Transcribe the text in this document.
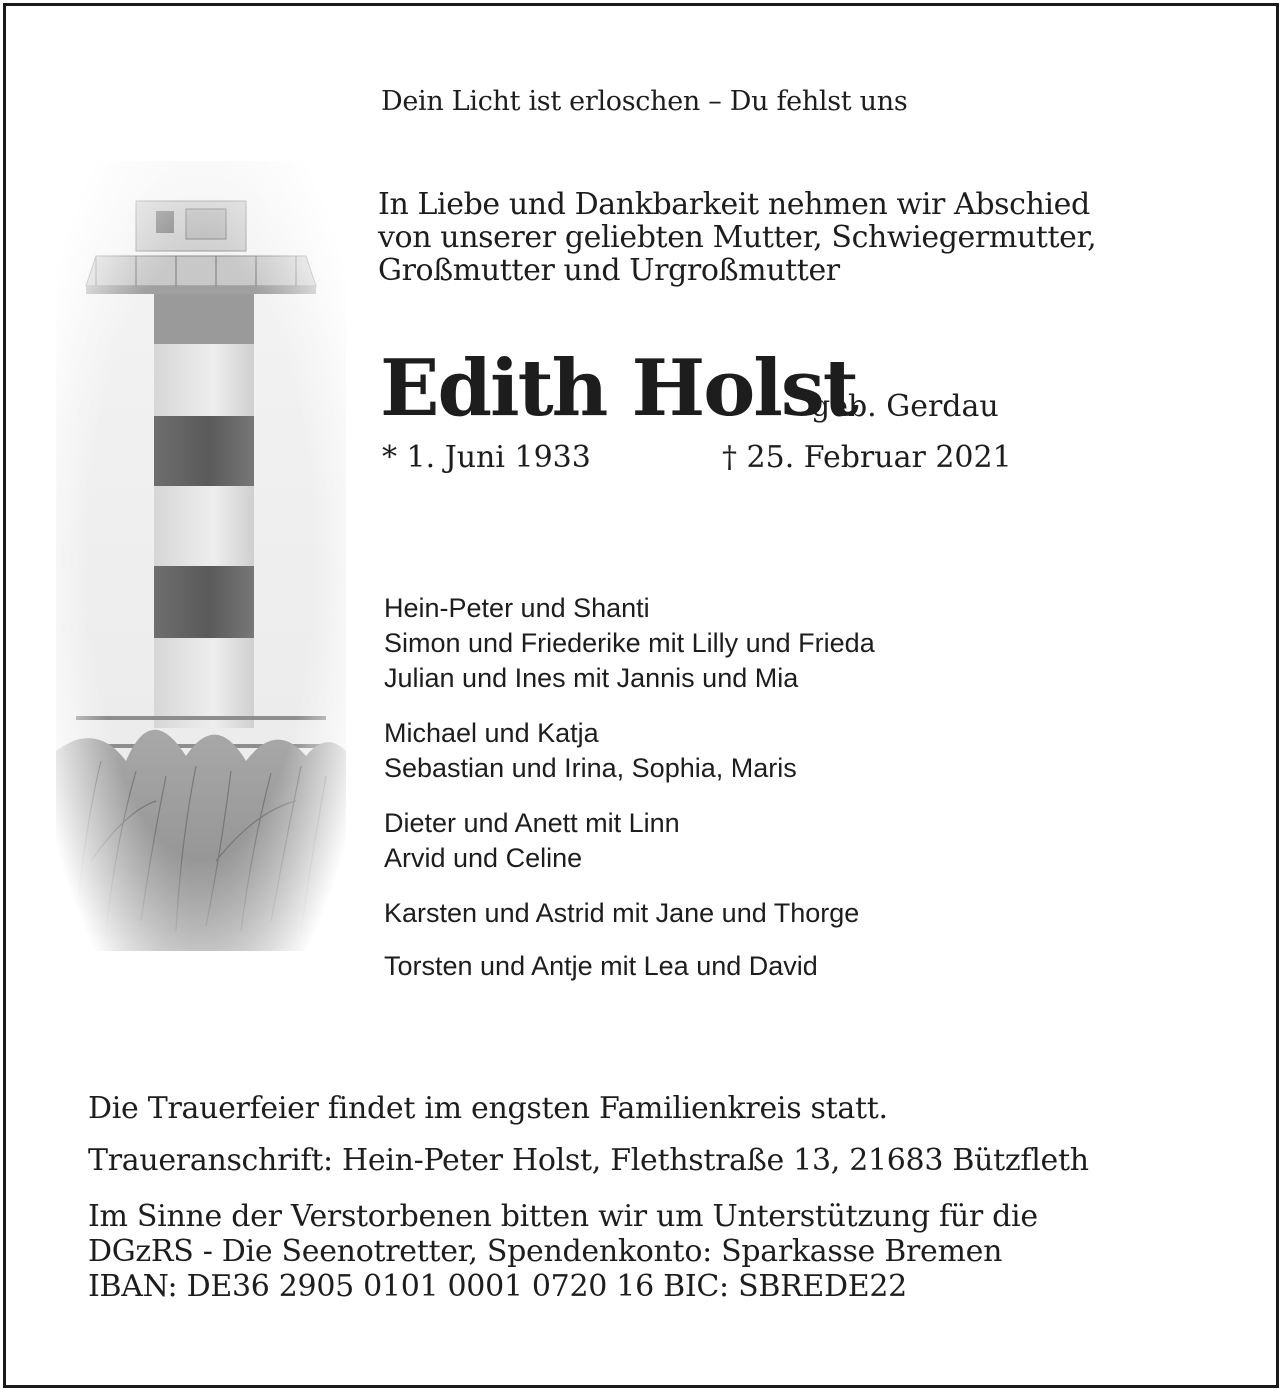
Dein Licht ist erloschen – Du fehlst uns

In Liebe und Dankbarkeit nehmen wir Abschied
von unserer geliebten Mutter, Schwiegermutter,
Großmutter und Urgroßmutter

Edith Holst

geb. Gerdau

* 1. Juni 1933	† 25. Februar 2021

Hein-Peter und Shanti
Simon und Friederike mit Lilly und Frieda
Julian und Ines mit Jannis und Mia
Michael und Katja
Sebastian und Irina, Sophia, Maris
Dieter und Anett mit Linn
Arvid und Celine
Karsten und Astrid mit Jane und Thorge
Torsten und Antje mit Lea und David

Die Trauerfeier findet im engsten Familienkreis statt.

Traueranschrift: Hein-Peter Holst, Flethstraße 13, 21683 Bützfleth

Im Sinne der Verstorbenen bitten wir um Unterstützung für die
DGzRS - Die Seenotretter, Spendenkonto: Sparkasse Bremen
IBAN: DE36 2905 0101 0001 0720 16 BIC: SBREDE22
